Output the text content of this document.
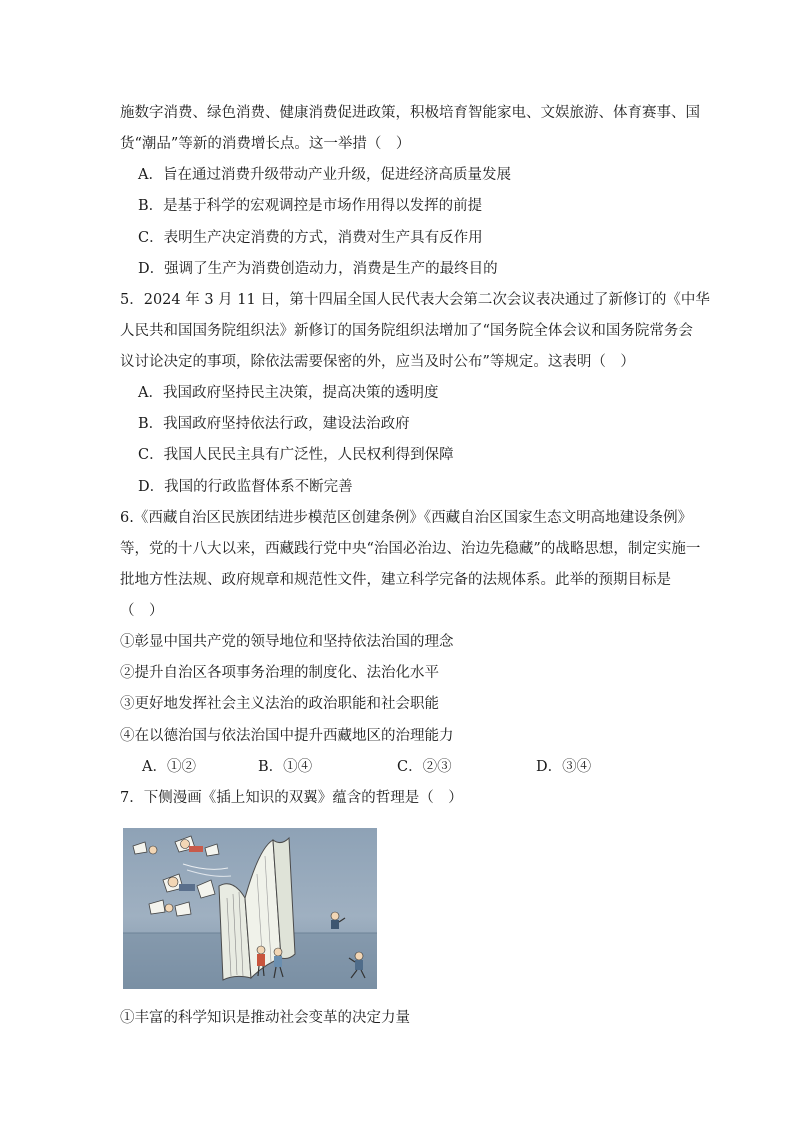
施数字消费、绿色消费、健康消费促进政策，积极培育智能家电、文娱旅游、体育赛事、国
货“潮品”等新的消费增长点。这一举措（　）
A．旨在通过消费升级带动产业升级，促进经济高质量发展
B．是基于科学的宏观调控是市场作用得以发挥的前提
C．表明生产决定消费的方式，消费对生产具有反作用
D．强调了生产为消费创造动力，消费是生产的最终目的
5．2024 年 3 月 11 日，第十四届全国人民代表大会第二次会议表决通过了新修订的《中华
人民共和国国务院组织法》新修订的国务院组织法增加了“国务院全体会议和国务院常务会
议讨论决定的事项，除依法需要保密的外，应当及时公布”等规定。这表明（　）
A．我国政府坚持民主决策，提高决策的透明度
B．我国政府坚持依法行政，建设法治政府
C．我国人民民主具有广泛性，人民权利得到保障
D．我国的行政监督体系不断完善
6.《西藏自治区民族团结进步模范区创建条例》《西藏自治区国家生态文明高地建设条例》
等，党的十八大以来，西藏践行党中央“治国必治边、治边先稳藏”的战略思想，制定实施一
批地方性法规、政府规章和规范性文件，建立科学完备的法规体系。此举的预期目标是
（　）
①彰显中国共产党的领导地位和坚持依法治国的理念
②提升自治区各项事务治理的制度化、法治化水平
③更好地发挥社会主义法治的政治职能和社会职能
④在以德治国与依法治国中提升西藏地区的治理能力
A．①②	B．①④	C．②③	D．③④
7．下侧漫画《插上知识的双翼》蕴含的哲理是（　）
①丰富的科学知识是推动社会变革的决定力量
